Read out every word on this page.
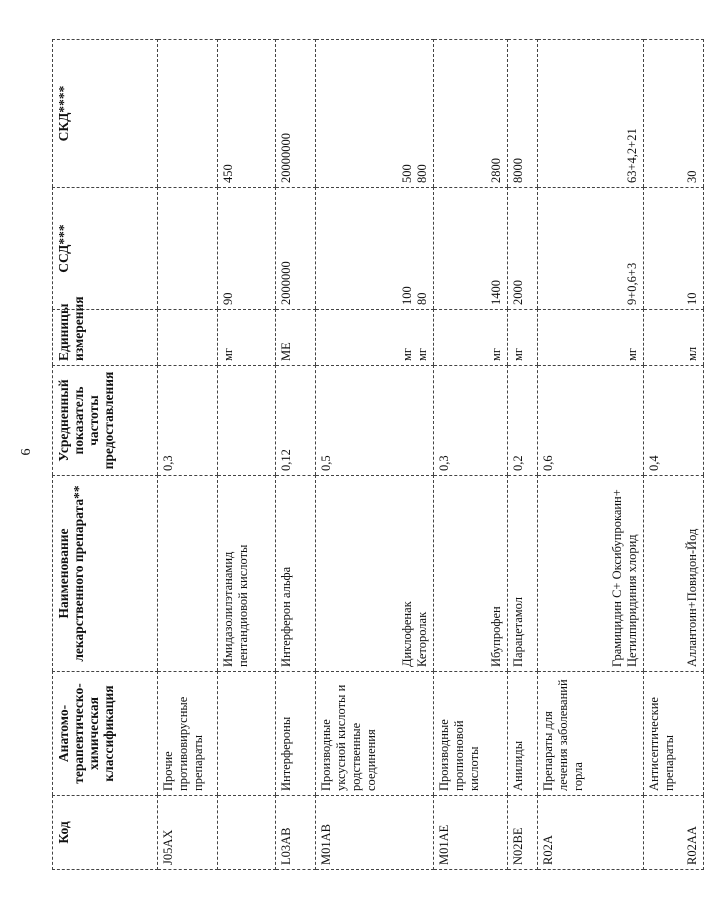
6
Код	Анатомо-терапевтическо-химическая классификация	Наименование лекарственного препарата**	Усредненный показатель частоты предоставления	Единицы измерения	ССД***	СКД****
J05AX	Прочие противовирусные препараты		0,3			
		Имидазолилэтанамид пентандиовой кислоты		мг	90	450
L03AB	Интерфероны	Интерферон альфа	0,12	МЕ	2000000	20000000
M01AB	Производные уксусной кислоты и родственные соединения	Диклофенак Кеторолак	0,5	мг мг	100 80	500 800

M01AE	Производные пропионовой кислоты	Ибупрофен	0,3	мг	1400	2800
N02BE	Анилиды	Парацетамол	0,2	мг	2000	8000
R02A	Препараты для лечения заболеваний горла	Грамицидин С+ Оксибупрокаин+ Цетилпиридиния хлорид	0,6	мг	9+0,6+3	63+4,2+21
R02AA	Антисептические препараты	Аллантоин+Повидон-Йод	0,4	мл	10	30
